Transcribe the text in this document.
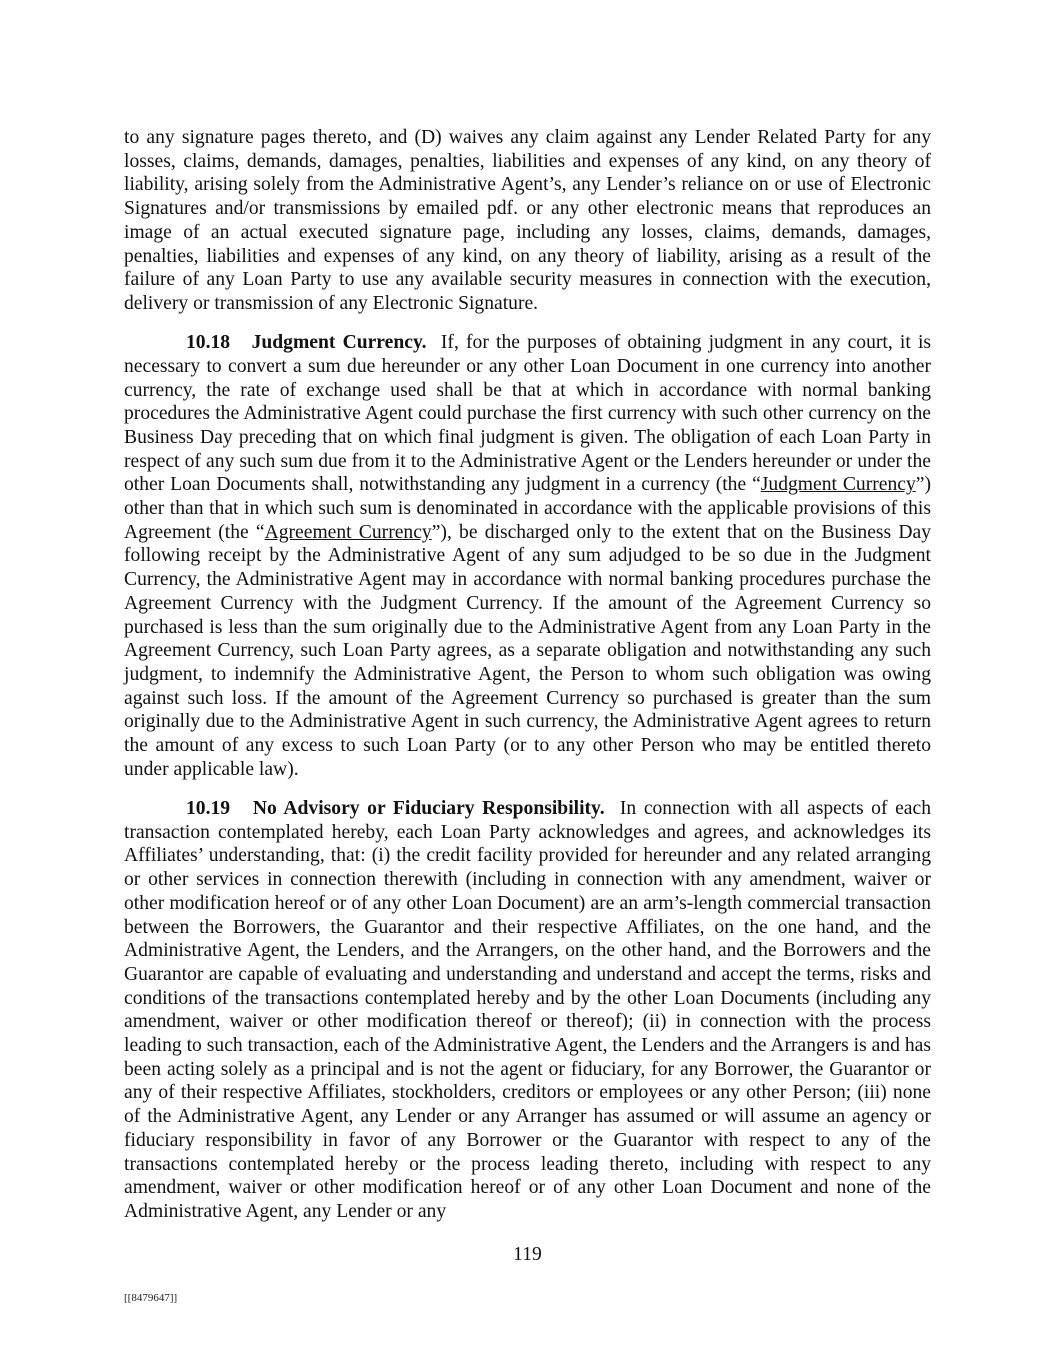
to any signature pages thereto, and (D) waives any claim against any Lender Related Party for any losses, claims, demands, damages, penalties, liabilities and expenses of any kind, on any theory of liability, arising solely from the Administrative Agent’s, any Lender’s reliance on or use of Electronic Signatures and/or transmissions by emailed pdf. or any other electronic means that reproduces an image of an actual executed signature page, including any losses, claims, demands, damages, penalties, liabilities and expenses of any kind, on any theory of liability, arising as a result of the failure of any Loan Party to use any available security measures in connection with the execution, delivery or transmission of any Electronic Signature.

10.18 Judgment Currency. If, for the purposes of obtaining judgment in any court, it is necessary to convert a sum due hereunder or any other Loan Document in one currency into another currency, the rate of exchange used shall be that at which in accordance with normal banking procedures the Administrative Agent could purchase the first currency with such other currency on the Business Day preceding that on which final judgment is given. The obligation of each Loan Party in respect of any such sum due from it to the Administrative Agent or the Lenders hereunder or under the other Loan Documents shall, notwithstanding any judgment in a currency (the “Judgment Currency”) other than that in which such sum is denominated in accordance with the applicable provisions of this Agreement (the “Agreement Currency”), be discharged only to the extent that on the Business Day following receipt by the Administrative Agent of any sum adjudged to be so due in the Judgment Currency, the Administrative Agent may in accordance with normal banking procedures purchase the Agreement Currency with the Judgment Currency. If the amount of the Agreement Currency so purchased is less than the sum originally due to the Administrative Agent from any Loan Party in the Agreement Currency, such Loan Party agrees, as a separate obligation and notwithstanding any such judgment, to indemnify the Administrative Agent, the Person to whom such obligation was owing against such loss. If the amount of the Agreement Currency so purchased is greater than the sum originally due to the Administrative Agent in such currency, the Administrative Agent agrees to return the amount of any excess to such Loan Party (or to any other Person who may be entitled thereto under applicable law).

10.19 No Advisory or Fiduciary Responsibility. In connection with all aspects of each transaction contemplated hereby, each Loan Party acknowledges and agrees, and acknowledges its Affiliates’ understanding, that: (i) the credit facility provided for hereunder and any related arranging or other services in connection therewith (including in connection with any amendment, waiver or other modification hereof or of any other Loan Document) are an arm’s-length commercial transaction between the Borrowers, the Guarantor and their respective Affiliates, on the one hand, and the Administrative Agent, the Lenders, and the Arrangers, on the other hand, and the Borrowers and the Guarantor are capable of evaluating and understanding and understand and accept the terms, risks and conditions of the transactions contemplated hereby and by the other Loan Documents (including any amendment, waiver or other modification thereof or thereof); (ii) in connection with the process leading to such transaction, each of the Administrative Agent, the Lenders and the Arrangers is and has been acting solely as a principal and is not the agent or fiduciary, for any Borrower, the Guarantor or any of their respective Affiliates, stockholders, creditors or employees or any other Person; (iii) none of the Administrative Agent, any Lender or any Arranger has assumed or will assume an agency or fiduciary responsibility in favor of any Borrower or the Guarantor with respect to any of the transactions contemplated hereby or the process leading thereto, including with respect to any amendment, waiver or other modification hereof or of any other Loan Document and none of the Administrative Agent, any Lender or any

119
[[8479647]]
